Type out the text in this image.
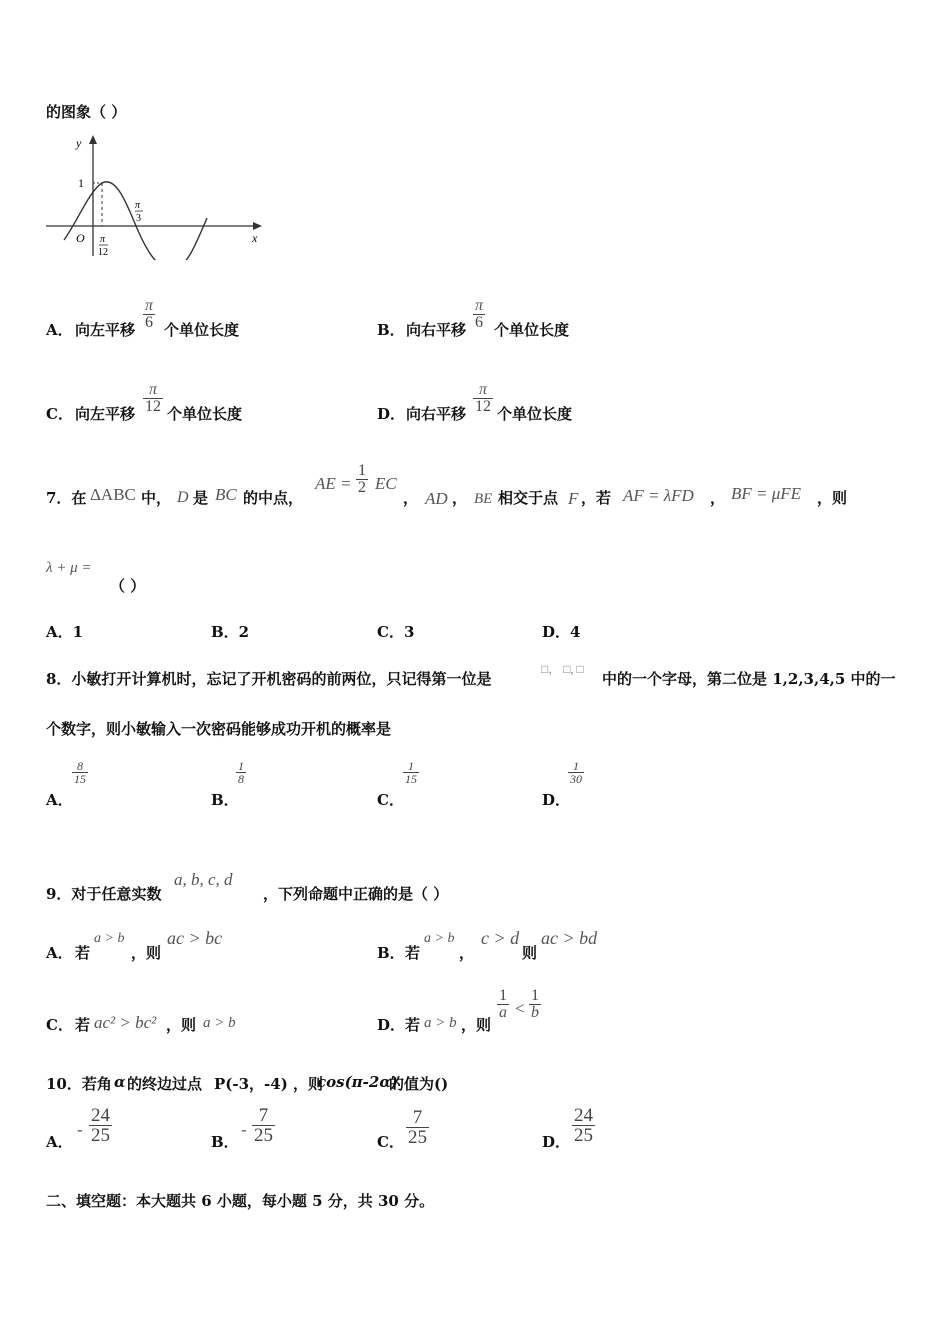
的图象（ ）
y
x
O
1
π
12
π
3
A． 向左平移 $\frac{\pi}{6}$ 个单位长度	B． 向右平移 $\frac{\pi}{6}$ 个单位长度
C． 向左平移 $\frac{\pi}{12}$ 个单位长度	D． 向右平移 $\frac{\pi}{12}$ 个单位长度
7．在 ΔABC 中， D 是 BC 的中点，
AE = $\frac{1}{2}$ EC
， AD ， BE 相交于点 F ，若 AF = λFD ， BF = μFE ，则
λ + μ =
（ ）
A．1	B．2	C．3	D．4
8．小敏打开计算机时，忘记了开机密码的前两位，只记得第一位是
□， □, □
中的一个字母，第二位是 1,2,3,4,5 中的一
个数字，则小敏输入一次密码能够成功开机的概率是
A．
$\frac{8}{15}$
B．
$\frac{1}{8}$
C．
$\frac{1}{15}$
D．
$\frac{1}{30}$
9．对于任意实数
a, b, c, d
，下列命题中正确的是（ ）
A． 若
a > b
，则
ac > bc
B． 若
a > b
，
c > d
则
ac > bd
C． 若 ac² > bc² ，则 a > b	D． 若 a > b ，则
$\frac{1}{a} < \frac{1}{b}$
10．若角 α 的终边过点 P(-3，-4) ，则
cos(π-2α)
的值为()
A．
- $\frac{24}{25}$	B．
- $\frac{7}{25}$	C． $\frac{7}{25}$	D． $\frac{24}{25}$
二、填空题：本大题共 6 小题，每小题 5 分，共 30 分。
